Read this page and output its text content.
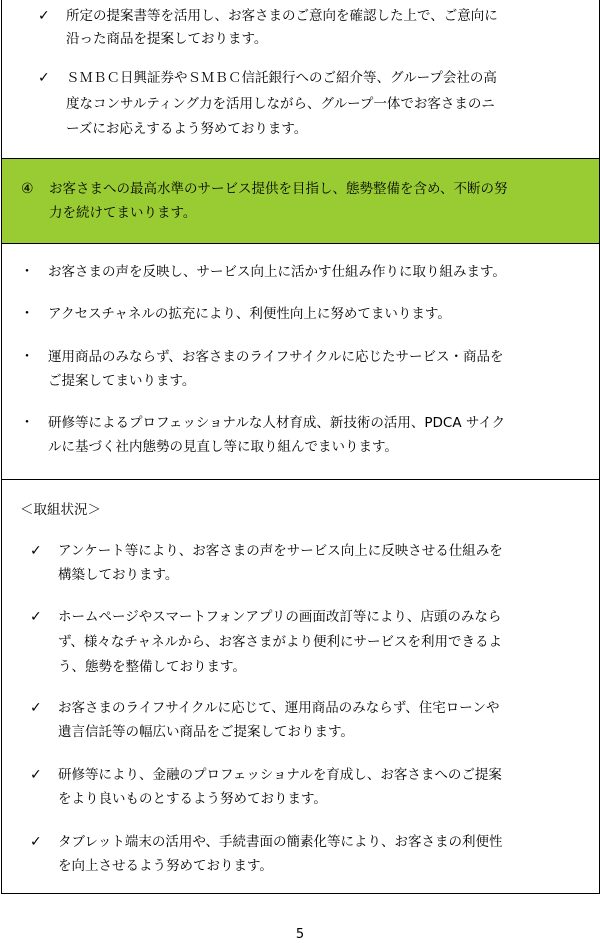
✓ 所定の提案書等を活用し、お客さまのご意向を確認した上で、ご意向に
沿った商品を提案しております。
✓ ＳＭＢＣ日興証券やＳＭＢＣ信託銀行へのご紹介等、グループ会社の高
度なコンサルティング力を活用しながら、グループ一体でお客さまのニ
ーズにお応えするよう努めております。
④ お客さまへの最高水準のサービス提供を目指し、態勢整備を含め、不断の努
力を続けてまいります。
・ お客さまの声を反映し、サービス向上に活かす仕組み作りに取り組みます。
・ アクセスチャネルの拡充により、利便性向上に努めてまいります。
・ 運用商品のみならず、お客さまのライフサイクルに応じたサービス・商品を
ご提案してまいります。
・ 研修等によるプロフェッショナルな人材育成、新技術の活用、PDCA サイク
ルに基づく社内態勢の見直し等に取り組んでまいります。
＜取組状況＞
✓ アンケート等により、お客さまの声をサービス向上に反映させる仕組みを
構築しております。
✓ ホームページやスマートフォンアプリの画面改訂等により、店頭のみなら
ず、様々なチャネルから、お客さまがより便利にサービスを利用できるよ
う、態勢を整備しております。
✓ お客さまのライフサイクルに応じて、運用商品のみならず、住宅ローンや
遺言信託等の幅広い商品をご提案しております。
✓ 研修等により、金融のプロフェッショナルを育成し、お客さまへのご提案
をより良いものとするよう努めております。
✓ タブレット端末の活用や、手続書面の簡素化等により、お客さまの利便性
を向上させるよう努めております。
5
